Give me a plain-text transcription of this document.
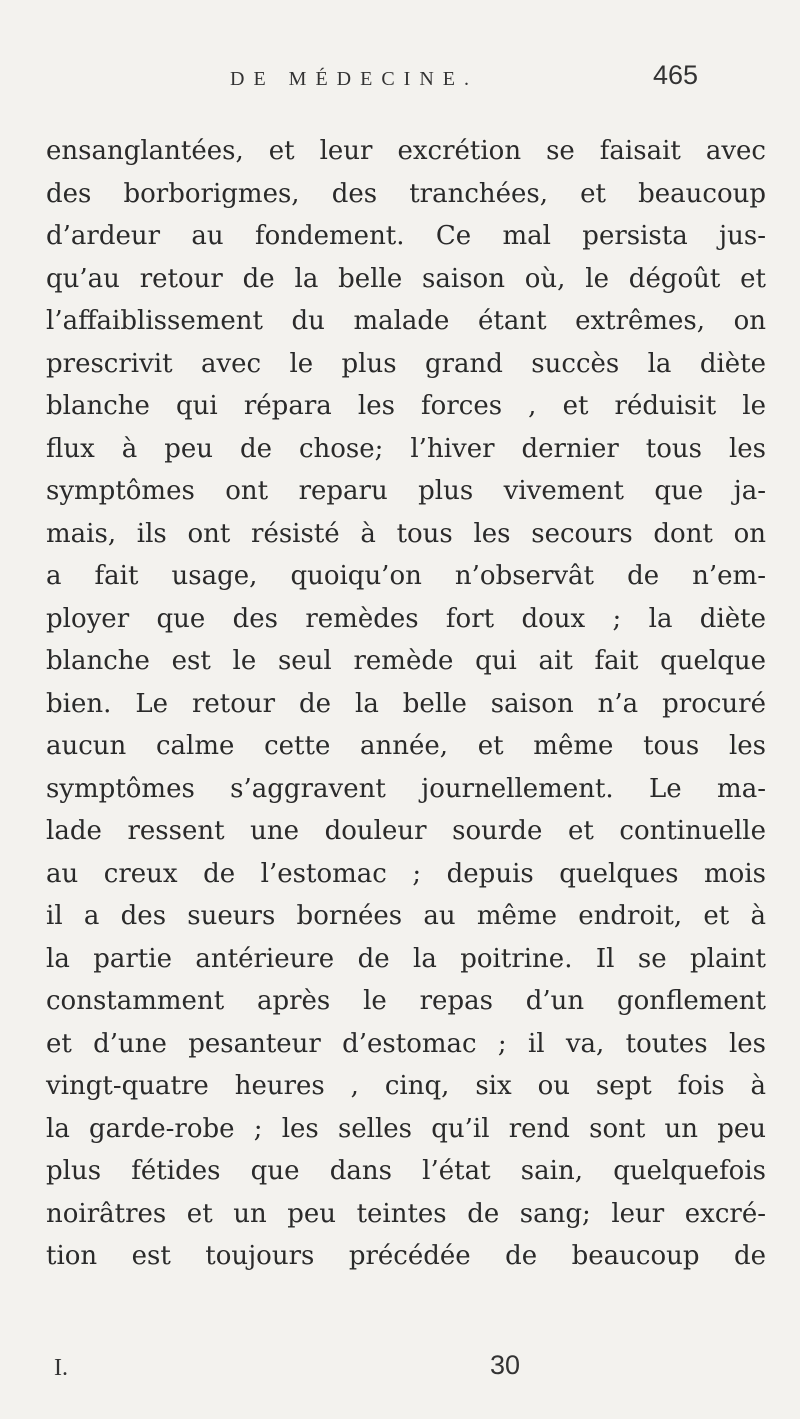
DE MÉDECINE.	465
ensanglantées, et leur excrétion se faisait avec
des borborigmes, des tranchées, et beaucoup
d’ardeur au fondement. Ce mal persista jus-
qu’au retour de la belle saison où, le dégoût et
l’affaiblissement du malade étant extrêmes, on
prescrivit avec le plus grand succès la diète
blanche qui répara les forces , et réduisit le
flux à peu de chose; l’hiver dernier tous les
symptômes ont reparu plus vivement que ja-
mais, ils ont résisté à tous les secours dont on
a fait usage, quoiqu’on n’observât de n’em-
ployer que des remèdes fort doux ; la diète
blanche est le seul remède qui ait fait quelque
bien. Le retour de la belle saison n’a procuré
aucun calme cette année, et même tous les
symptômes s’aggravent journellement. Le ma-
lade ressent une douleur sourde et continuelle
au creux de l’estomac ; depuis quelques mois
il a des sueurs bornées au même endroit, et à
la partie antérieure de la poitrine. Il se plaint
constamment après le repas d’un gonflement
et d’une pesanteur d’estomac ; il va, toutes les
vingt-quatre heures , cinq, six ou sept fois à
la garde-robe ; les selles qu’il rend sont un peu
plus fétides que dans l’état sain, quelquefois
noirâtres et un peu teintes de sang; leur excré-
tion est toujours précédée de beaucoup de
I.	30
